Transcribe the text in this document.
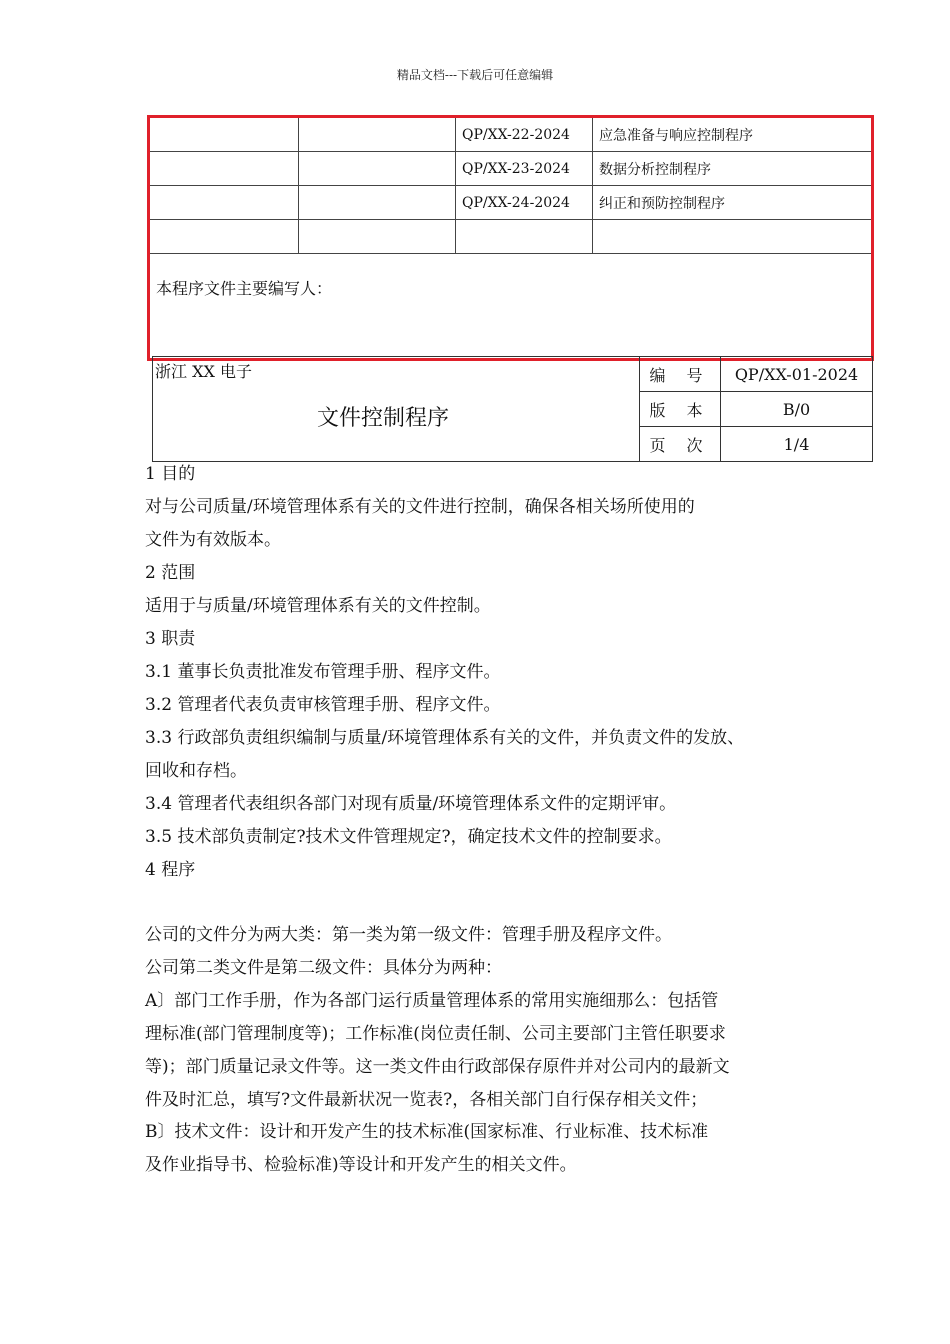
精品文档---下载后可任意编辑
		QP/XX-22-2024	应急准备与响应控制程序
		QP/XX-23-2024	数据分析控制程序
		QP/XX-24-2024	纠正和预防控制程序

本程序文件主要编写人：			
浙江 XX 电子
文件控制程序	编 号	QP/XX-01-2024
	版 本	B/0
	页 次	1/4
1 目的
对与公司质量/环境管理体系有关的文件进行控制，确保各相关场所使用的
文件为有效版本。
2 范围
适用于与质量/环境管理体系有关的文件控制。
3 职责
3.1 董事长负责批准发布管理手册、程序文件。
3.2 管理者代表负责审核管理手册、程序文件。
3.3 行政部负责组织编制与质量/环境管理体系有关的文件，并负责文件的发放、
回收和存档。
3.4 管理者代表组织各部门对现有质量/环境管理体系文件的定期评审。
3.5 技术部负责制定?技术文件管理规定?，确定技术文件的控制要求。
4 程序
公司的文件分为两大类：第一类为第一级文件：管理手册及程序文件。
公司第二类文件是第二级文件：具体分为两种：
A〕部门工作手册，作为各部门运行质量管理体系的常用实施细那么：包括管
理标准(部门管理制度等)；工作标准(岗位责任制、公司主要部门主管任职要求
等)；部门质量记录文件等。这一类文件由行政部保存原件并对公司内的最新文
件及时汇总，填写?文件最新状况一览表?，各相关部门自行保存相关文件；
B〕技术文件：设计和开发产生的技术标准(国家标准、行业标准、技术标准
及作业指导书、检验标准)等设计和开发产生的相关文件。
